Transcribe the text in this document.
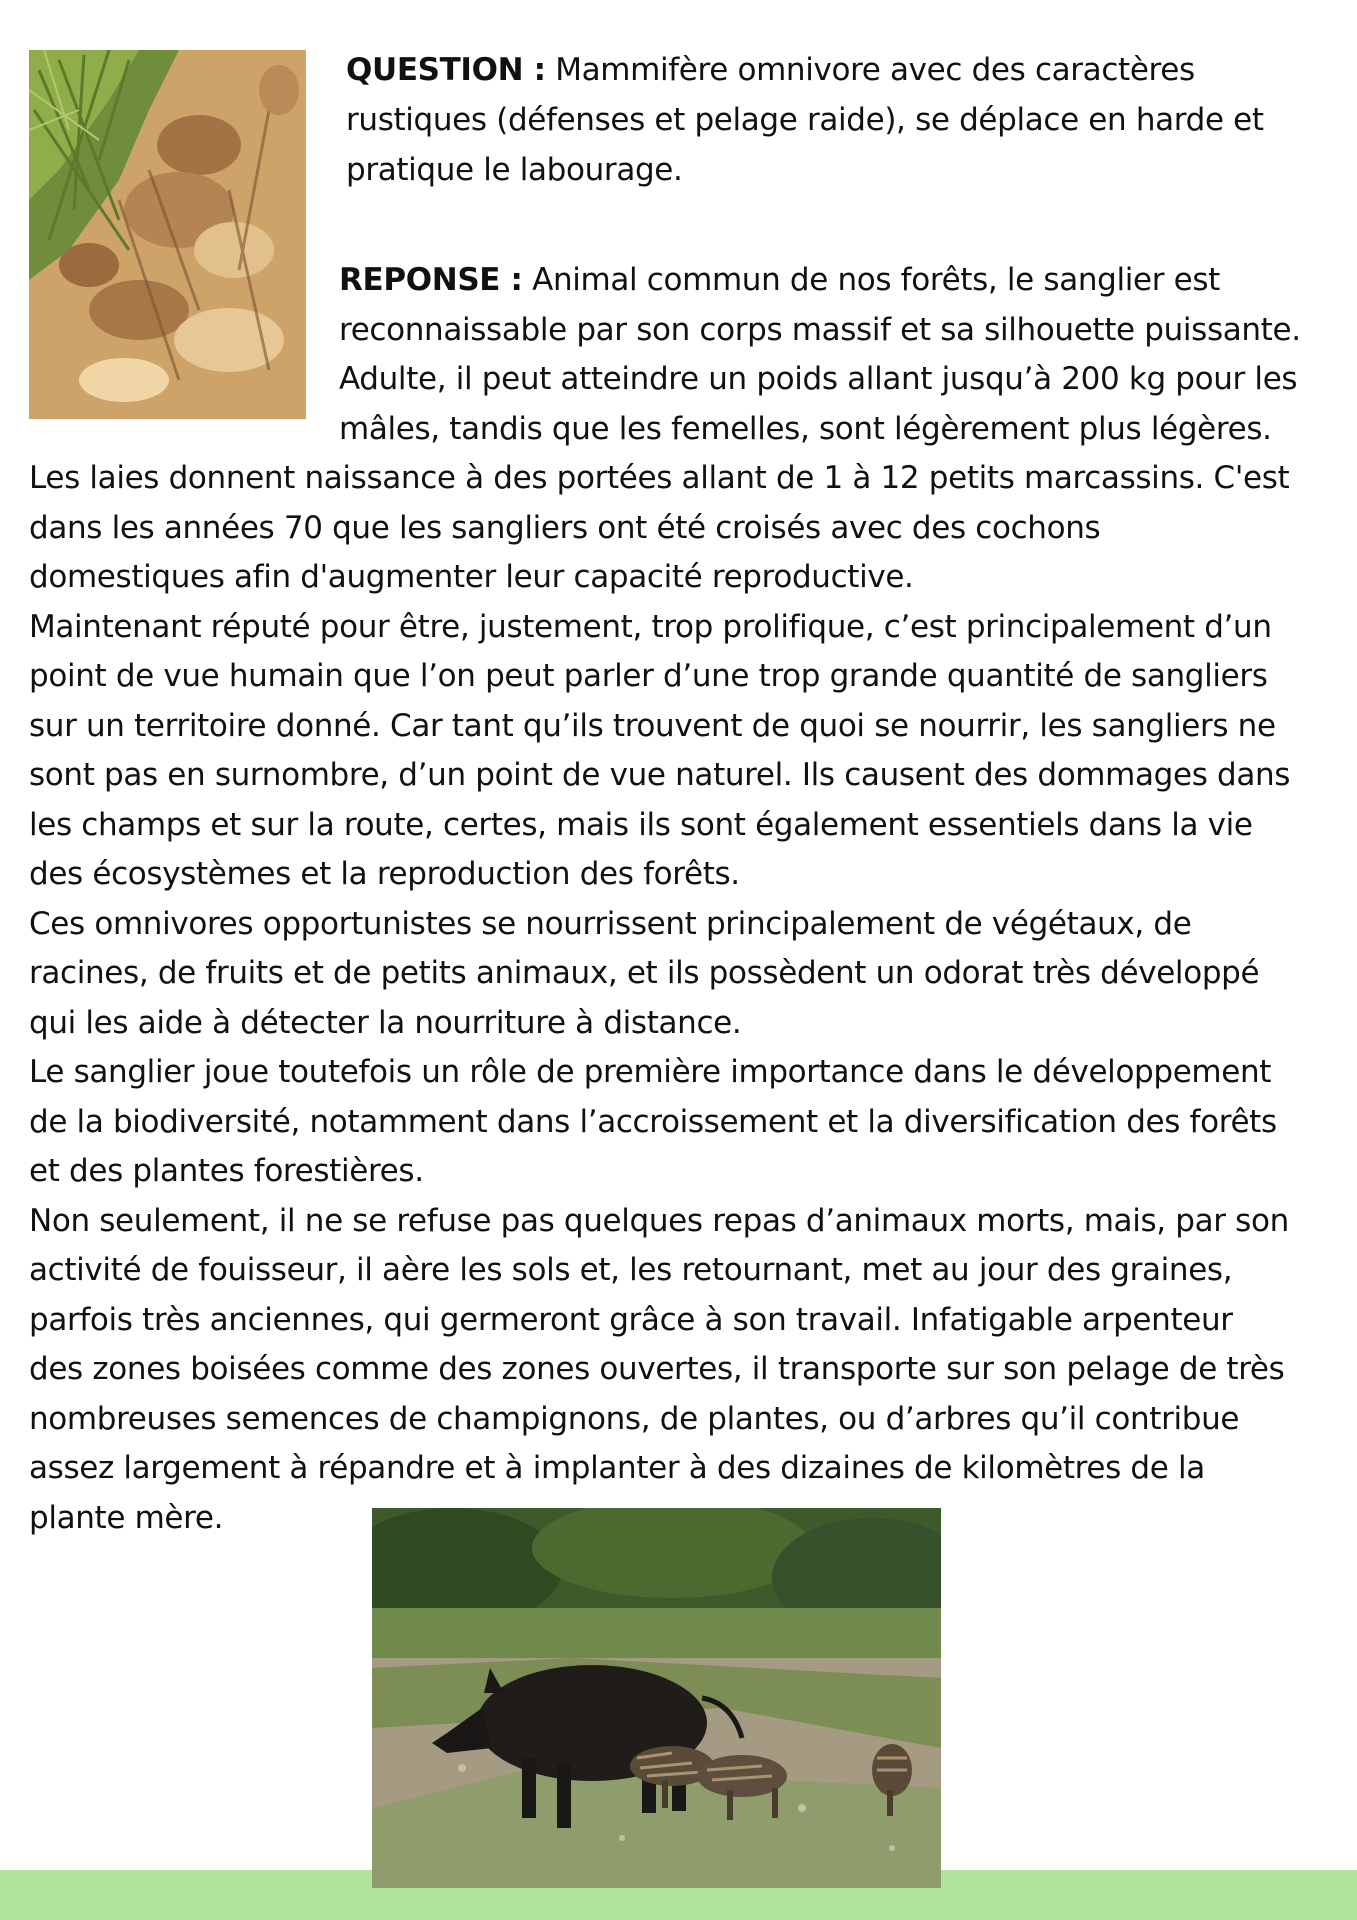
QUESTION : Mammifère omnivore avec des caractères

rustiques (défenses et pelage raide), se déplace en harde et

pratique le labourage.

REPONSE : Animal commun de nos forêts, le sanglier est

reconnaissable par son corps massif et sa silhouette puissante.

Adulte, il peut atteindre un poids allant jusqu’à 200 kg pour les

mâles, tandis que les femelles, sont légèrement plus légères.

Les laies donnent naissance à des portées allant de 1 à 12 petits marcassins. C'est

dans les années 70 que les sangliers ont été croisés avec des cochons

domestiques afin d'augmenter leur capacité reproductive.

Maintenant réputé pour être, justement, trop prolifique, c’est principalement d’un

point de vue humain que l’on peut parler d’une trop grande quantité de sangliers

sur un territoire donné. Car tant qu’ils trouvent de quoi se nourrir, les sangliers ne

sont pas en surnombre, d’un point de vue naturel. Ils causent des dommages dans

les champs et sur la route, certes, mais ils sont également essentiels dans la vie

des écosystèmes et la reproduction des forêts.

Ces omnivores opportunistes se nourrissent principalement de végétaux, de

racines, de fruits et de petits animaux, et ils possèdent un odorat très développé

qui les aide à détecter la nourriture à distance.

Le sanglier joue toutefois un rôle de première importance dans le développement

de la biodiversité, notamment dans l’accroissement et la diversification des forêts

et des plantes forestières.

Non seulement, il ne se refuse pas quelques repas d’animaux morts, mais, par son

activité de fouisseur, il aère les sols et, les retournant, met au jour des graines,

parfois très anciennes, qui germeront grâce à son travail. Infatigable arpenteur

des zones boisées comme des zones ouvertes, il transporte sur son pelage de très

nombreuses semences de champignons, de plantes, ou d’arbres qu’il contribue

assez largement à répandre et à implanter à des dizaines de kilomètres de la

plante mère.
